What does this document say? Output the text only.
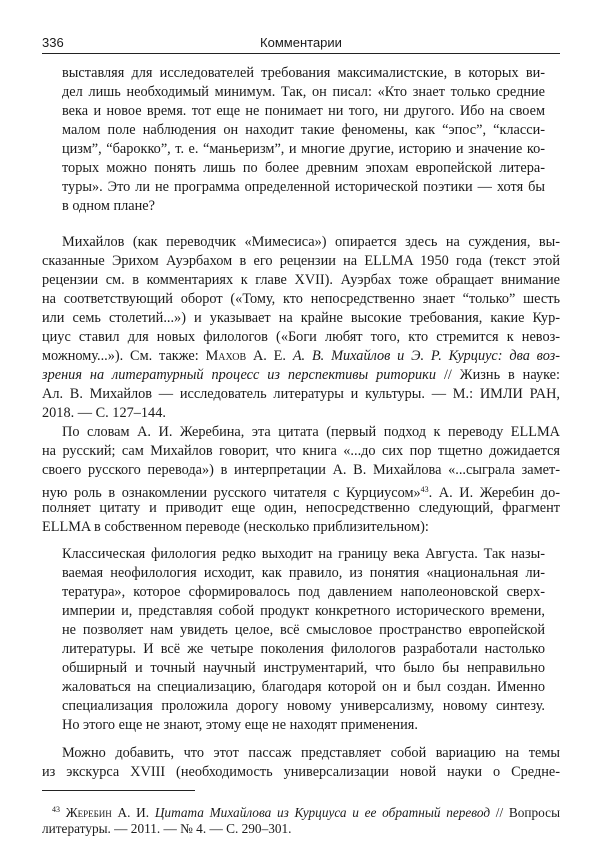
336	Комментарии
выставляя для исследователей требования максималистские, в которых ви-
дел лишь необходимый минимум. Так, он писал: «Кто знает только средние
века и новое время. тот еще не понимает ни того, ни другого. Ибо на своем
малом поле наблюдения он находит такие феномены, как “эпос”, “класси-
цизм”, “барокко”, т. е. “маньеризм”, и многие другие, историю и значение ко-
торых можно понять лишь по более древним эпохам европейской литера-
туры». Это ли не программа определенной исторической поэтики — хотя бы
в одном плане?
Михайлов (как переводчик «Мимесиса») опирается здесь на суждения, вы-
сказанные Эрихом Ауэрбахом в его рецензии на ELLMA 1950 года (текст этой
рецензии см. в комментариях к главе XVII). Ауэрбах тоже обращает внимание
на соответствующий оборот («Тому, кто непосредственно знает “только” шесть
или семь столетий...») и указывает на крайне высокие требования, какие Кур-
циус ставил для новых филологов («Боги любят того, кто стремится к невоз-
можному...»). См. также: Махов А. Е. А. В. Михайлов и Э. Р. Курциус: два воз-
зрения на литературный процесс из перспективы риторики // Жизнь в науке:
Ал. В. Михайлов — исследователь литературы и культуры. — М.: ИМЛИ РАН,
2018. — С. 127–144.
По словам А. И. Жеребина, эта цитата (первый подход к переводу ELLMA
на русский; сам Михайлов говорит, что книга «...до сих пор тщетно дожидается
своего русского перевода») в интерпретации А. В. Михайлова «...сыграла замет-
ную роль в ознакомлении русского читателя с Курциусом»$^{43}$. А. И. Жеребин до-
полняет цитату и приводит еще один, непосредственно следующий, фрагмент
ELLMA в собственном переводе (несколько приблизительном):
Классическая филология редко выходит на границу века Августа. Так назы-
ваемая неофилология исходит, как правило, из понятия «национальная ли-
тература», которое сформировалось под давлением наполеоновской сверх-
империи и, представляя собой продукт конкретного исторического времени,
не позволяет нам увидеть целое, всё смысловое пространство европейской
литературы. И всё же четыре поколения филологов разработали настолько
обширный и точный научный инструментарий, что было бы неправильно
жаловаться на специализацию, благодаря которой он и был создан. Именно
специализация проложила дорогу новому универсализму, новому синтезу.
Но этого еще не знают, этому еще не находят применения.
Можно добавить, что этот пассаж представляет собой вариацию на темы
из экскурса XVIII (необходимость универсализации новой науки о Средне-
$^{43}$ Жеребин А. И. Цитата Михайлова из Курциуса и ее обратный перевод // Вопросы
литературы. — 2011. — № 4. — С. 290–301.
